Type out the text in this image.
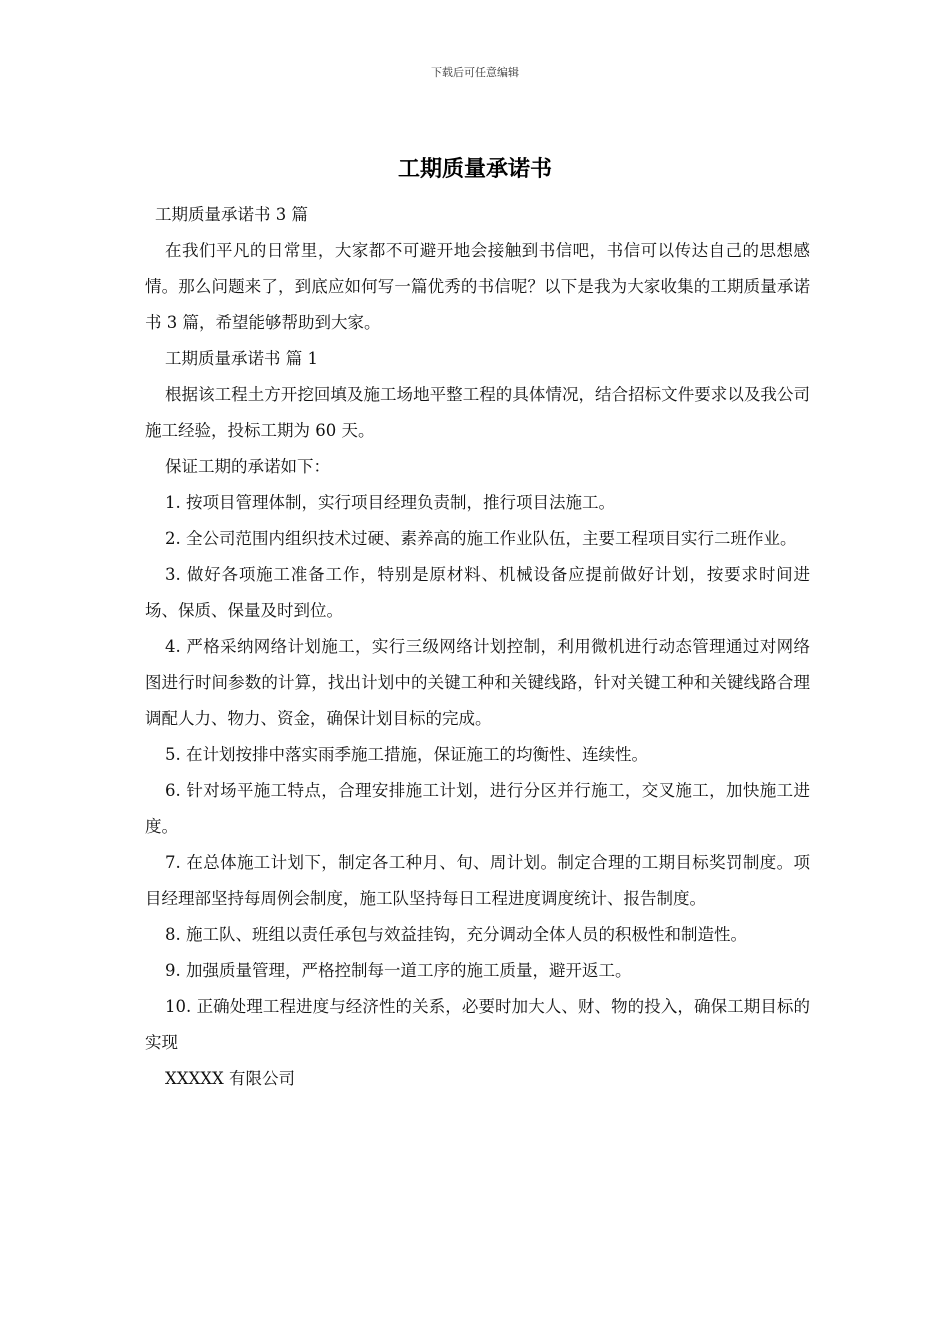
下载后可任意编辑
工期质量承诺书

工期质量承诺书 3 篇

在我们平凡的日常里，大家都不可避开地会接触到书信吧，书信可以传达自己的思想感情。那么问题来了，到底应如何写一篇优秀的书信呢？以下是我为大家收集的工期质量承诺书 3 篇，希望能够帮助到大家。

工期质量承诺书 篇 1

根据该工程土方开挖回填及施工场地平整工程的具体情况，结合招标文件要求以及我公司施工经验，投标工期为 60 天。

保证工期的承诺如下：

1. 按项目管理体制，实行项目经理负责制，推行项目法施工。

2. 全公司范围内组织技术过硬、素养高的施工作业队伍，主要工程项目实行二班作业。

3. 做好各项施工准备工作，特别是原材料、机械设备应提前做好计划，按要求时间进场、保质、保量及时到位。

4. 严格采纳网络计划施工，实行三级网络计划控制，利用微机进行动态管理通过对网络图进行时间参数的计算，找出计划中的关键工种和关键线路，针对关键工种和关键线路合理调配人力、物力、资金，确保计划目标的完成。

5. 在计划按排中落实雨季施工措施，保证施工的均衡性、连续性。

6. 针对场平施工特点，合理安排施工计划，进行分区并行施工，交叉施工，加快施工进度。

7. 在总体施工计划下，制定各工种月、旬、周计划。制定合理的工期目标奖罚制度。项目经理部坚持每周例会制度，施工队坚持每日工程进度调度统计、报告制度。

8. 施工队、班组以责任承包与效益挂钩，充分调动全体人员的积极性和制造性。

9. 加强质量管理，严格控制每一道工序的施工质量，避开返工。

10. 正确处理工程进度与经济性的关系，必要时加大人、财、物的投入，确保工期目标的实现

XXXXX 有限公司
